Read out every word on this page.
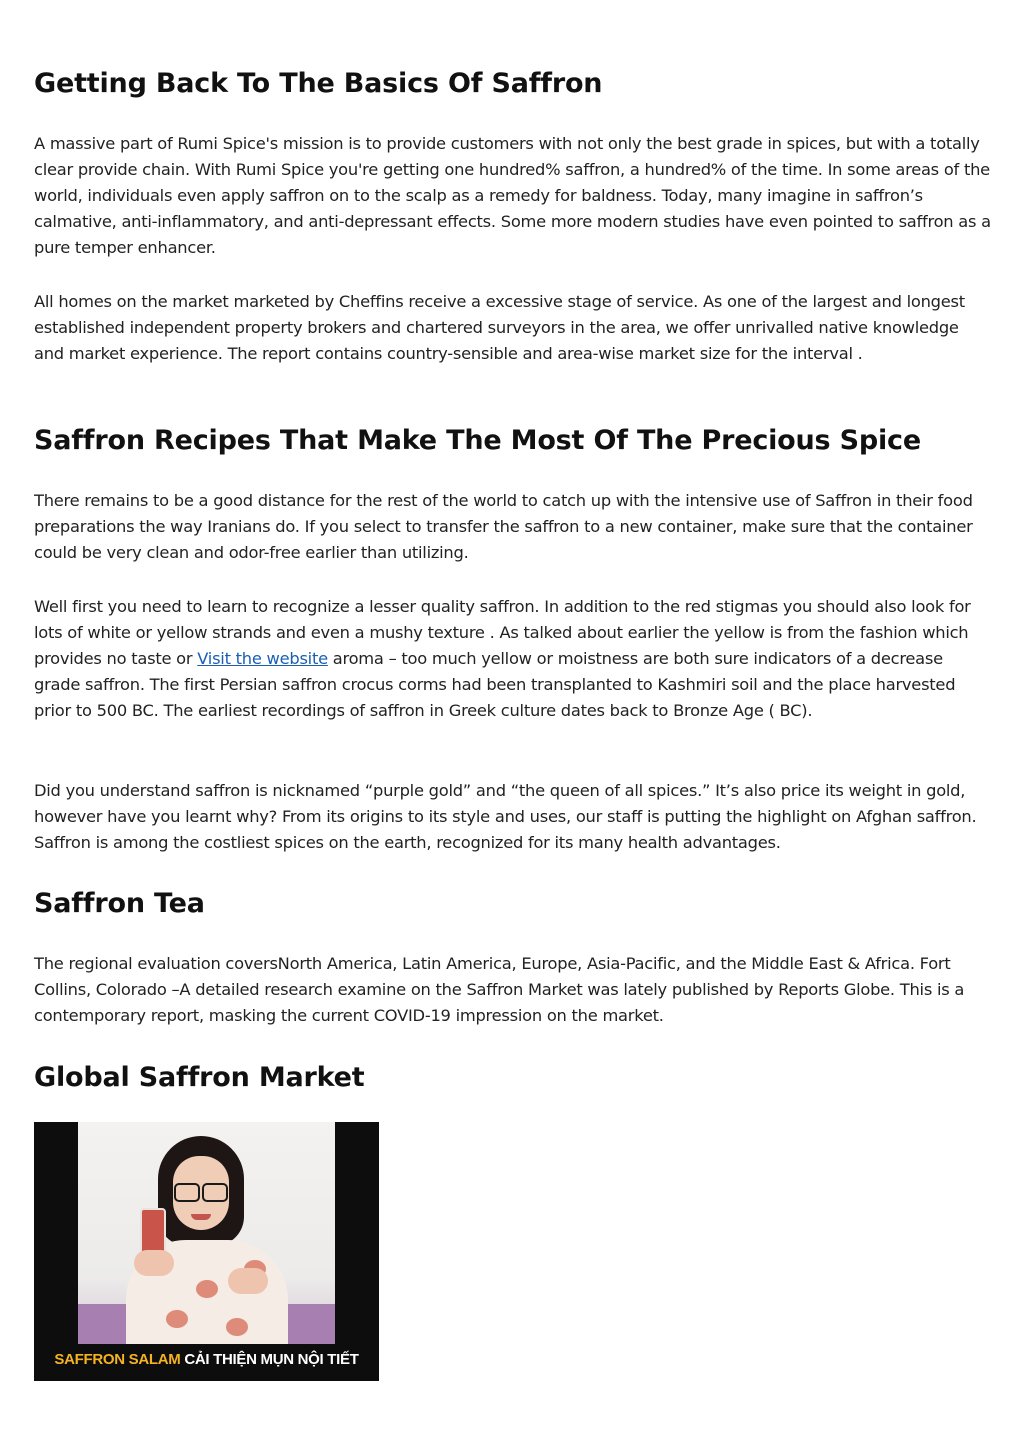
Getting Back To The Basics Of Saffron

A massive part of Rumi Spice's mission is to provide customers with not only the best grade in spices, but with a totally clear provide chain. With Rumi Spice you're getting one hundred% saffron, a hundred% of the time. In some areas of the world, individuals even apply saffron on to the scalp as a remedy for baldness. Today, many imagine in saffron’s calmative, anti-inflammatory, and anti-depressant effects. Some more modern studies have even pointed to saffron as a pure temper enhancer.

All homes on the market marketed by Cheffins receive a excessive stage of service. As one of the largest and longest established independent property brokers and chartered surveyors in the area, we offer unrivalled native knowledge and market experience. The report contains country-sensible and area-wise market size for the interval .

Saffron Recipes That Make The Most Of The Precious Spice

There remains to be a good distance for the rest of the world to catch up with the intensive use of Saffron in their food preparations the way Iranians do. If you select to transfer the saffron to a new container, make sure that the container could be very clean and odor-free earlier than utilizing.

Well first you need to learn to recognize a lesser quality saffron. In addition to the red stigmas you should also look for lots of white or yellow strands and even a mushy texture . As talked about earlier the yellow is from the fashion which provides no taste or Visit the website aroma – too much yellow or moistness are both sure indicators of a decrease grade saffron. The first Persian saffron crocus corms had been transplanted to Kashmiri soil and the place harvested prior to 500 BC. The earliest recordings of saffron in Greek culture dates back to Bronze Age ( BC).

Did you understand saffron is nicknamed “purple gold” and “the queen of all spices.” It’s also price its weight in gold, however have you learnt why? From its origins to its style and uses, our staff is putting the highlight on Afghan saffron. Saffron is among the costliest spices on the earth, recognized for its many health advantages.

Saffron Tea

The regional evaluation coversNorth America, Latin America, Europe, Asia-Pacific, and the Middle East & Africa. Fort Collins, Colorado –A detailed research examine on the Saffron Market was lately published by Reports Globe. This is a contemporary report, masking the current COVID-19 impression on the market.

Global Saffron Market
SAFFRON SALAM CẢI THIỆN MỤN NỘI TIẾT
